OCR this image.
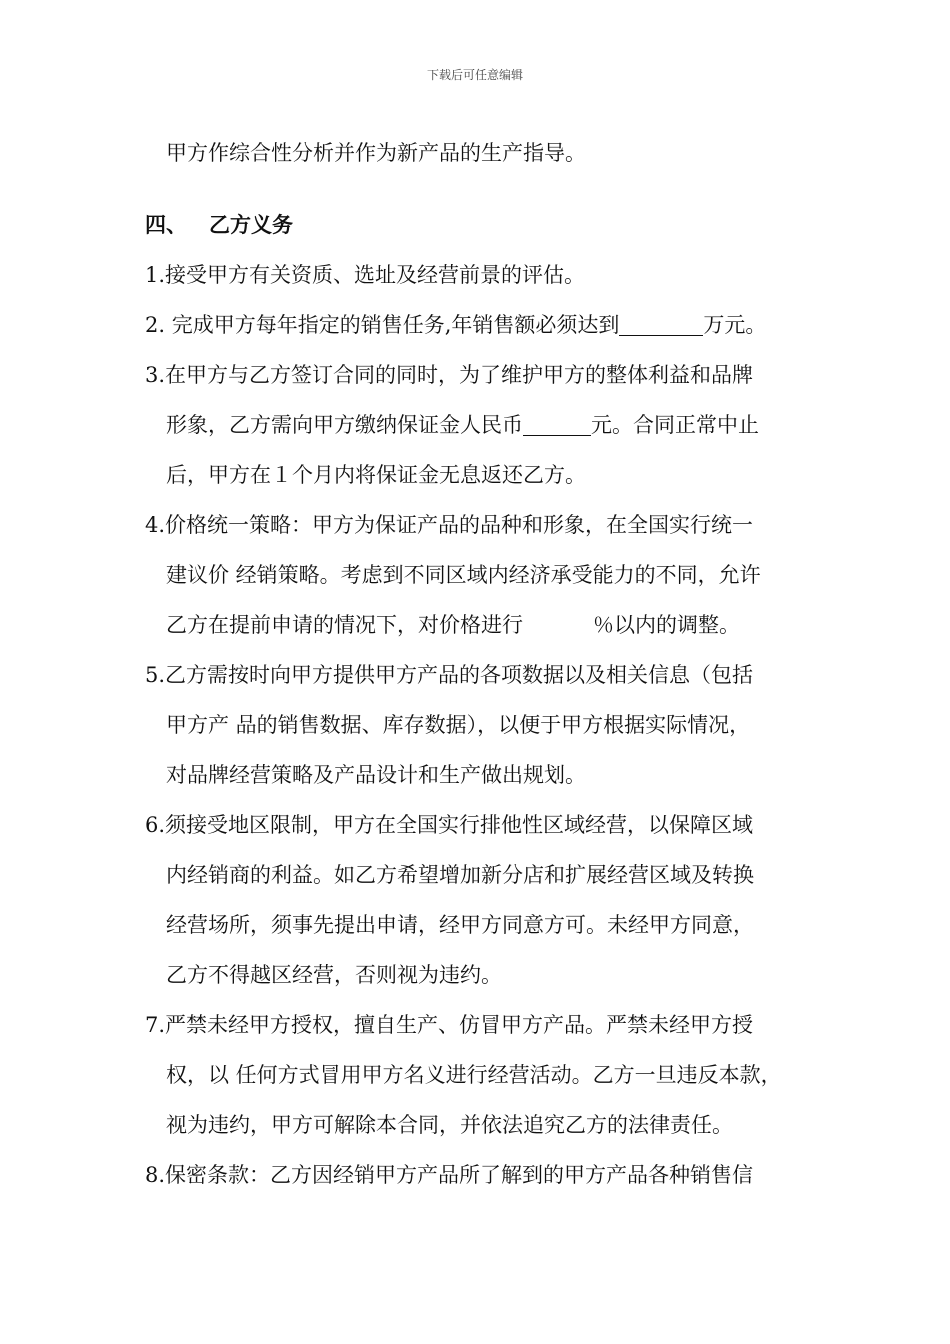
下载后可任意编辑
甲方作综合性分析并作为新产品的生产指导。
四、 乙方义务
1.接受甲方有关资质、选址及经营前景的评估。
2. 完成甲方每年指定的销售任务,年销售额必须达到	万元。
3.在甲方与乙方签订合同的同时，为了维护甲方的整体利益和品牌
形象，乙方需向甲方缴纳保证金人民币	元。合同正常中止
后，甲方在１个月内将保证金无息返还乙方。
4.价格统一策略：甲方为保证产品的品种和形象，在全国实行统一
建议价 经销策略。考虑到不同区域内经济承受能力的不同，允许
乙方在提前申请的情况下，对价格进行	％以内的调整。
5.乙方需按时向甲方提供甲方产品的各项数据以及相关信息（包括
甲方产 品的销售数据、库存数据），以便于甲方根据实际情况，
对品牌经营策略及产品设计和生产做出规划。
6.须接受地区限制，甲方在全国实行排他性区域经营，以保障区域
内经销商的利益。如乙方希望增加新分店和扩展经营区域及转换
经营场所，须事先提出申请，经甲方同意方可。未经甲方同意，
乙方不得越区经营，否则视为违约。
7.严禁未经甲方授权，擅自生产、仿冒甲方产品。严禁未经甲方授
权，以 任何方式冒用甲方名义进行经营活动。乙方一旦违反本款，
视为违约，甲方可解除本合同，并依法追究乙方的法律责任。
8.保密条款：乙方因经销甲方产品所了解到的甲方产品各种销售信
